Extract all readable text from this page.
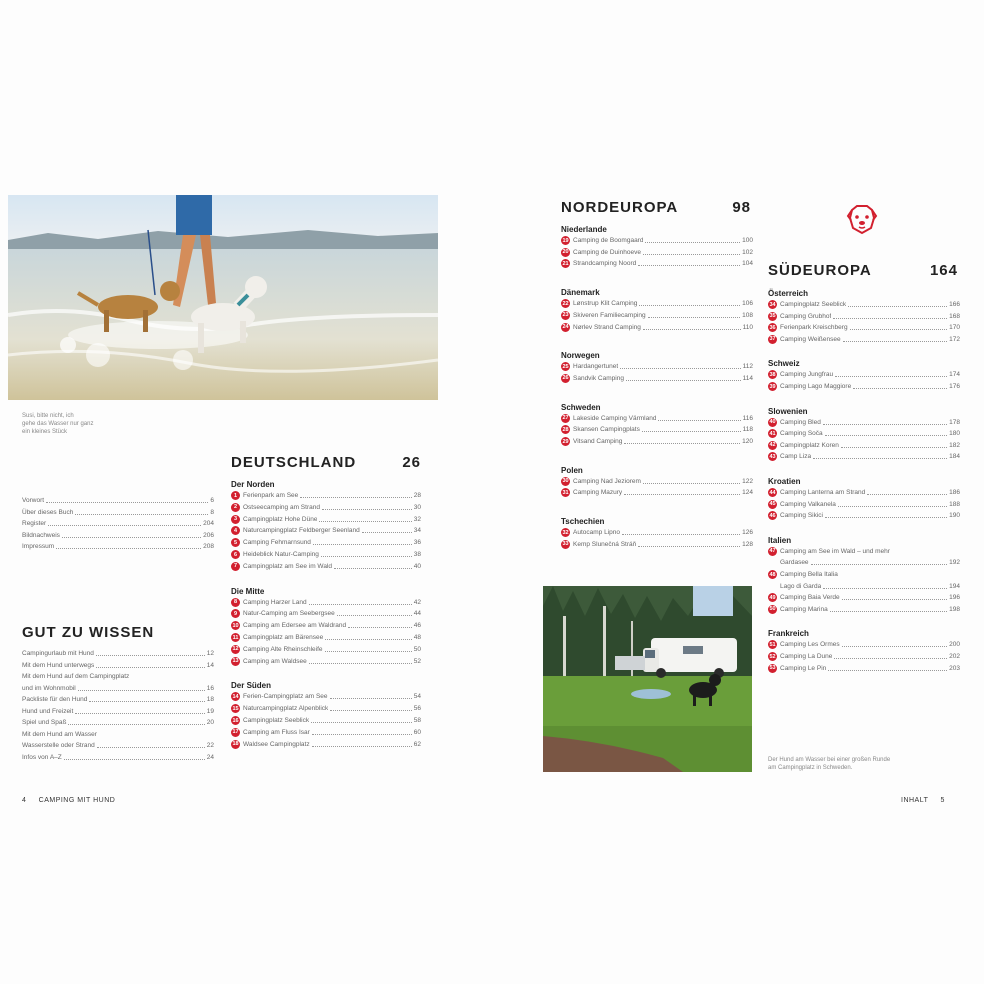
Susi, bitte nicht, ich
gehe das Wasser nur ganz
ein kleines Stück
Vorwort	6
Über dieses Buch	8
Register	204
Bildnachweis	206
Impressum	208
GUT ZU WISSEN
Campingurlaub mit Hund	12
Mit dem Hund unterwegs	14
Mit dem Hund auf dem Campingplatz
und im Wohnmobil	16
Packliste für den Hund	18
Hund und Freizeit	19
Spiel und Spaß	20
Mit dem Hund am Wasser
Wasserstelle oder Strand	22
Infos von A–Z	24
DEUTSCHLAND	26
Der Norden
1 Ferienpark am See	28
2 Ostseecamping am Strand	30
3 Campingplatz Hohe Düne	32
4 Naturcampingplatz Feldberger Seenland	34
5 Camping Fehmarnsund	36
6 Heideblick Natur-Camping	38
7 Campingplatz am See im Wald	40
Die Mitte
8 Camping Harzer Land	42
9 Natur-Camping am Seebergsee	44
10 Camping am Edersee am Waldrand	46
11 Campingplatz am Bärensee	48
12 Camping Alte Rheinschleife	50
13 Camping am Waldsee	52
Der Süden
14 Ferien-Campingplatz am See	54
15 Naturcampingplatz Alpenblick	56
16 Campingplatz Seeblick	58
17 Camping am Fluss Isar	60
18 Waldsee Campingplatz	62
NORDEUROPA	98
Niederlande
19 Camping de Boomgaard	100
20 Camping de Duinhoeve	102
21 Strandcamping Noord	104
Dänemark
22 Lønstrup Klit Camping	106
23 Skiveren Familiecamping	108
24 Nørlev Strand Camping	110
Norwegen
25 Hardangertunet	112
26 Sandvik Camping	114
Schweden
27 Lakeside Camping Värmland	116
28 Skansen Campingplats	118
29 Vitsand Camping	120
Polen
30 Camping Nad Jeziorem	122
31 Camping Mazury	124
Tschechien
32 Autocamp Lipno	126
33 Kemp Slunečná Stráň	128
Der Hund am Wasser bei einer großen Runde
am Campingplatz in Schweden.
SÜDEUROPA	164
Österreich
34 Campingplatz Seeblick	166
35 Camping Grubhof	168
36 Ferienpark Kreischberg	170
37 Camping Weißensee	172
Schweiz
38 Camping Jungfrau	174
39 Camping Lago Maggiore	176
Slowenien
40 Camping Bled	178
41 Camping Soča	180
42 Campingplatz Koren	182
43 Camp Liza	184
Kroatien
44 Camping Lanterna am Strand	186
45 Camping Valkanela	188
46 Camping Šikici	190
Italien
47 Camping am See im Wald – und mehr
Gardasee	192
48 Camping Bella Italia
Lago di Garda	194
49 Camping Baia Verde	196
50 Camping Marina	198
Frankreich
51 Camping Les Ormes	200
52 Camping La Dune	202
53 Camping Le Pin	203
4 CAMPING MIT HUND	INHALT 5
